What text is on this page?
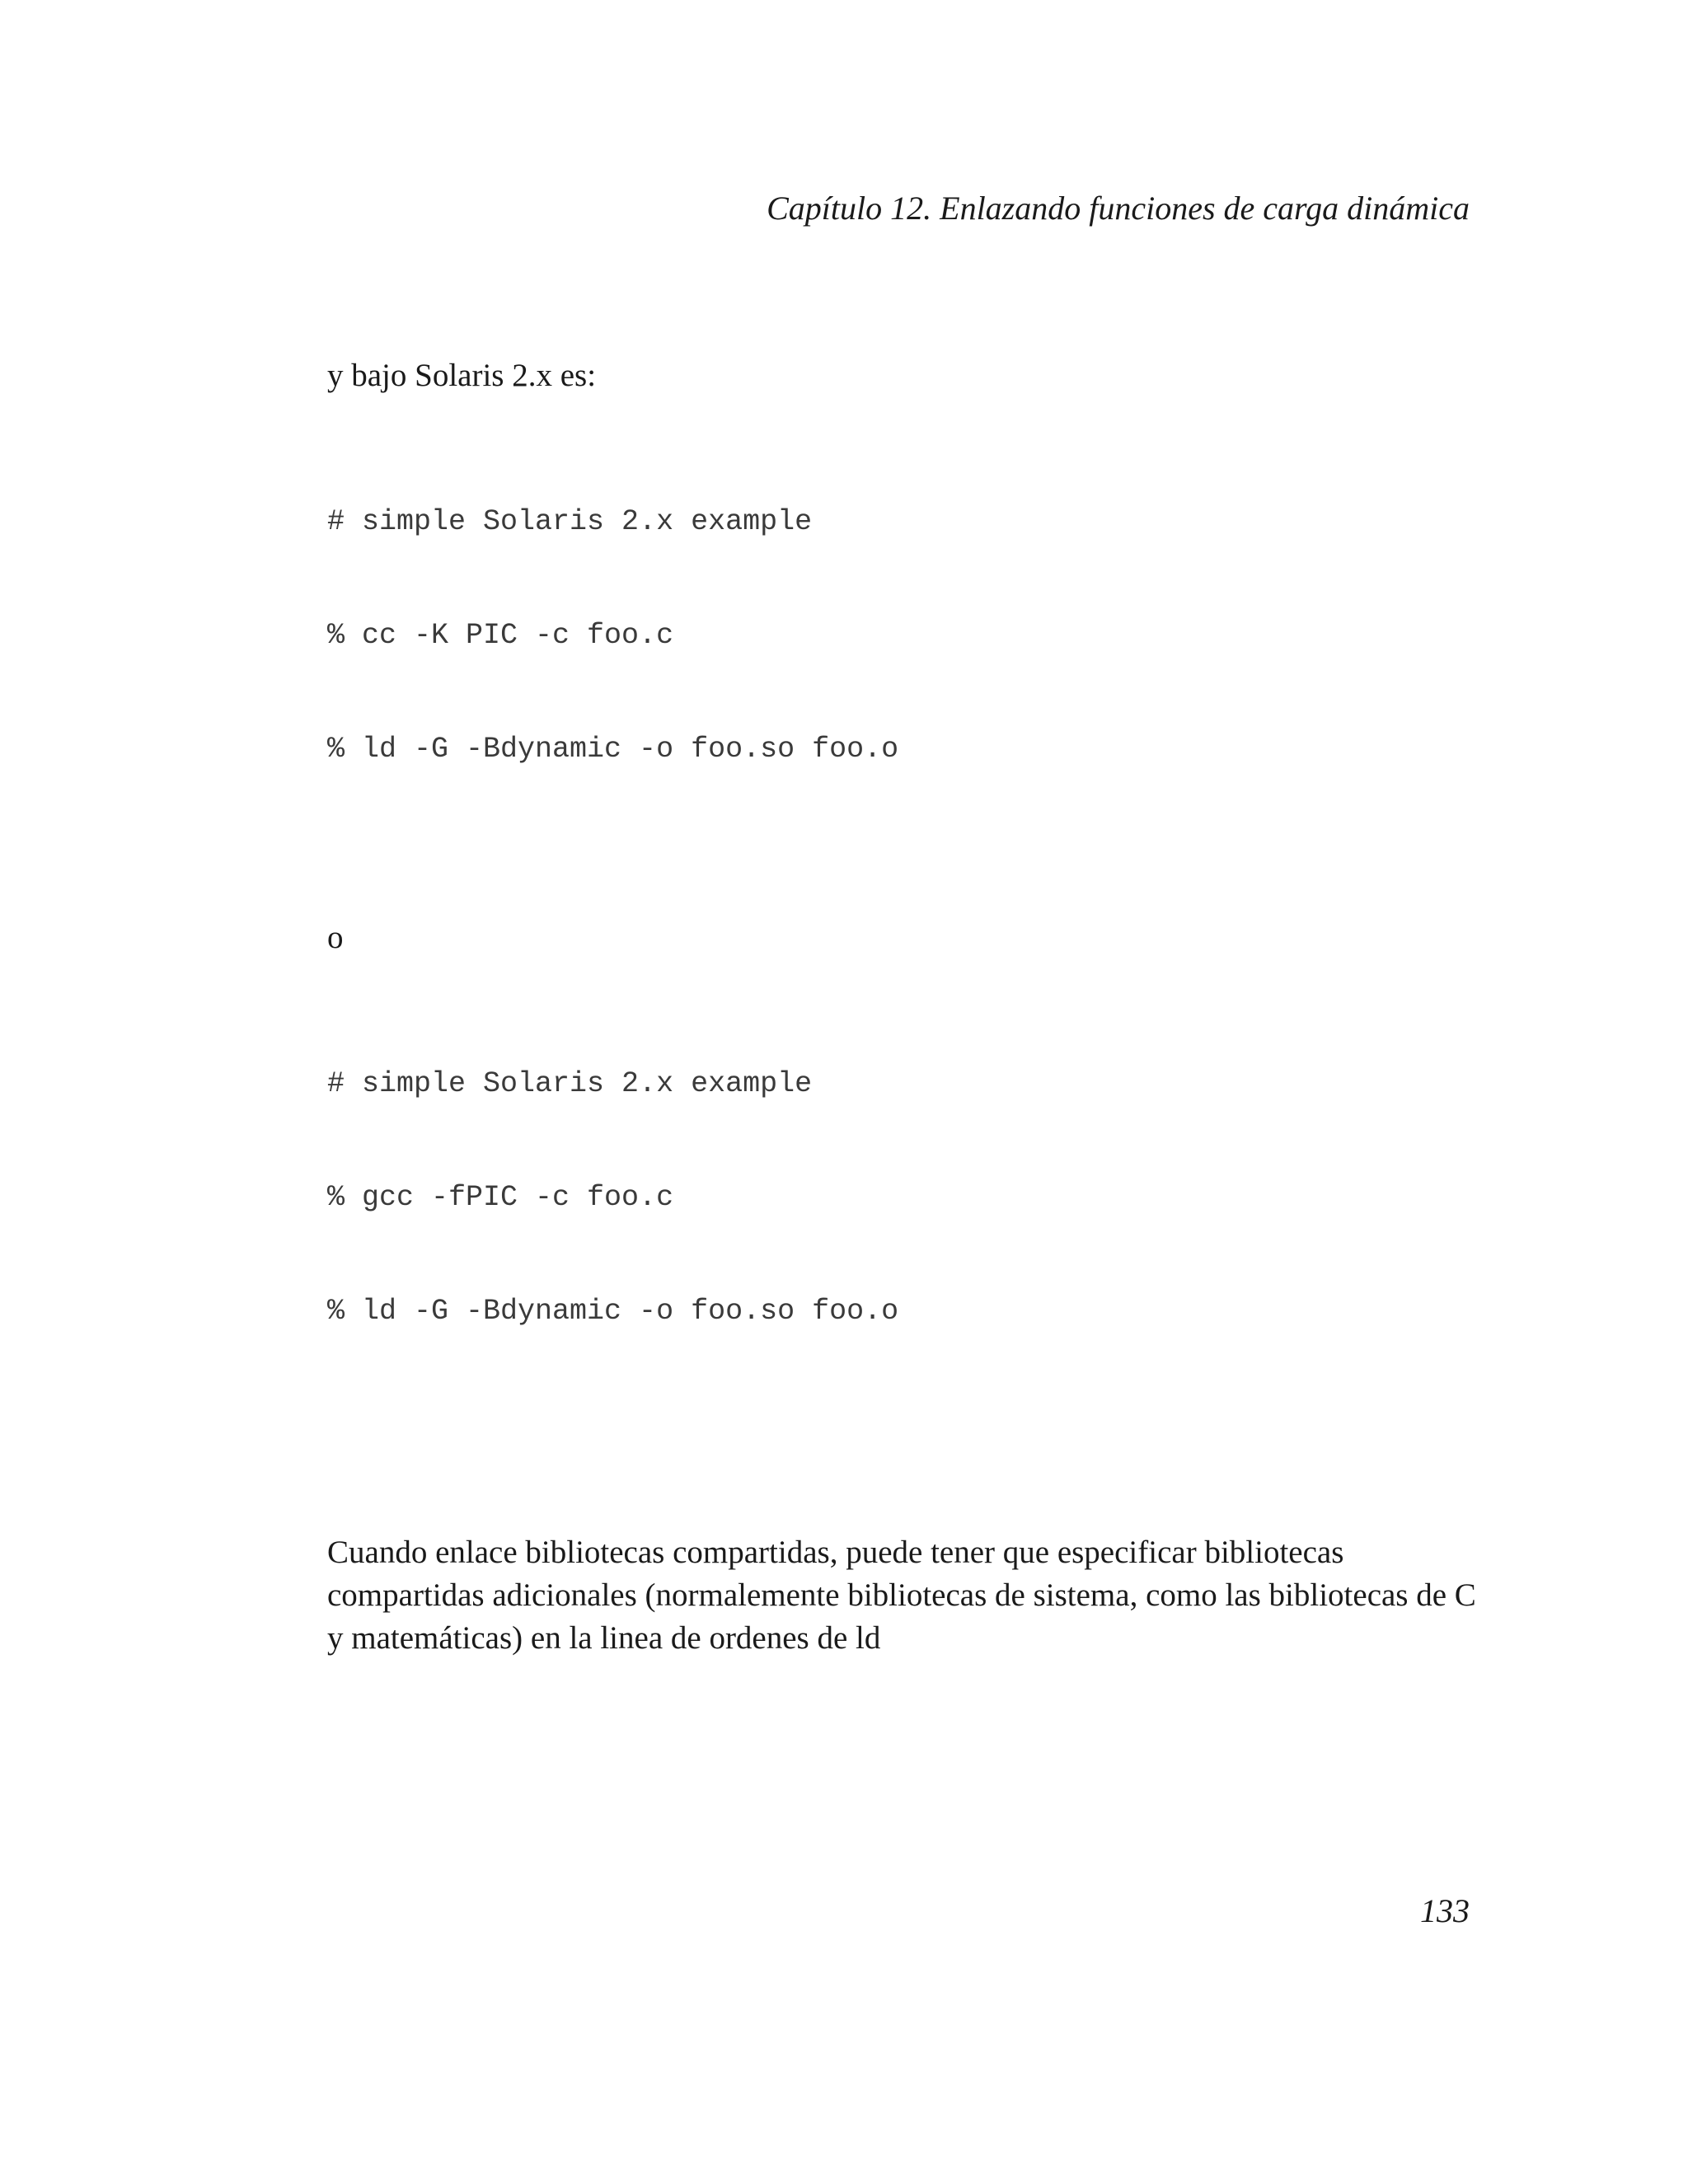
Capítulo 12. Enlazando funciones de carga dinámica

y bajo Solaris 2.x es:

# simple Solaris 2.x example

% cc -K PIC -c foo.c

% ld -G -Bdynamic -o foo.so foo.o

o

# simple Solaris 2.x example

% gcc -fPIC -c foo.c

% ld -G -Bdynamic -o foo.so foo.o

Cuando enlace bibliotecas compartidas, puede tener que especificar bibliotecas compartidas adicionales (normalemente bibliotecas de sistema, como las bibliotecas de C y matemáticas) en la linea de ordenes de ld

133
